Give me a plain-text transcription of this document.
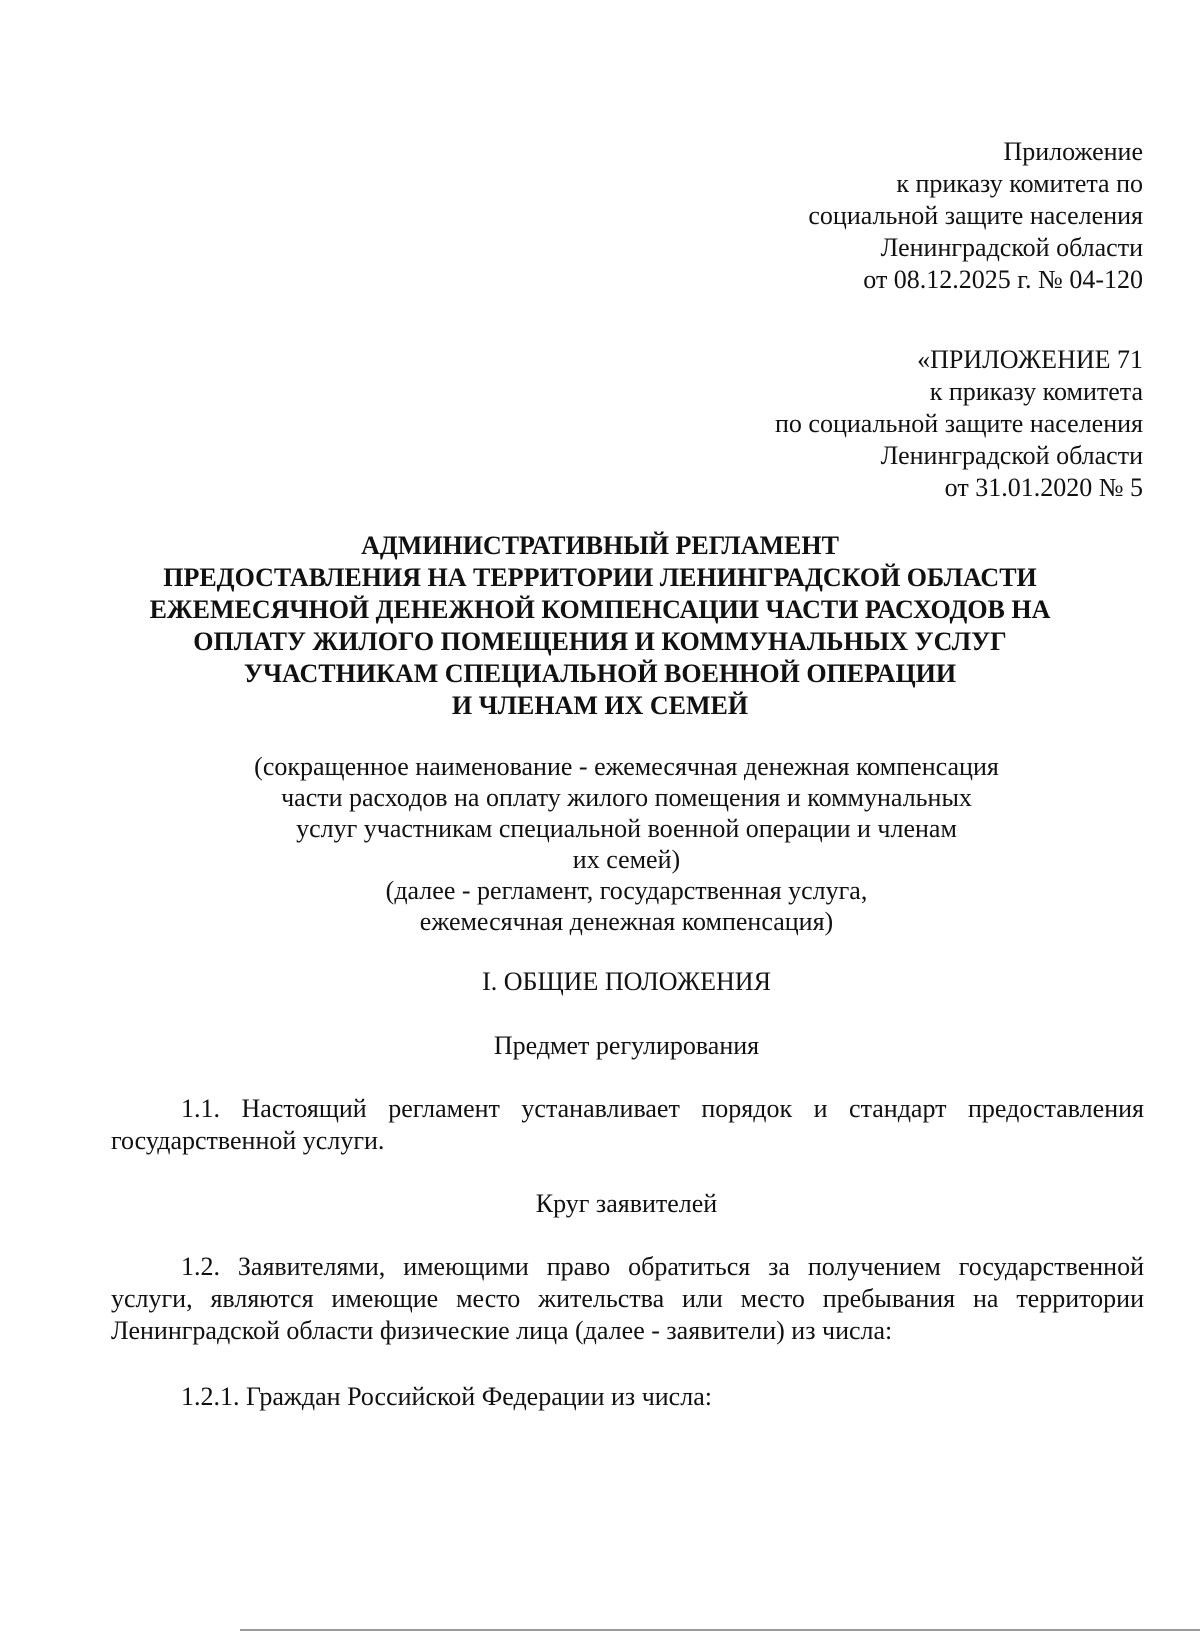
Приложение
к приказу комитета по
социальной защите населения
Ленинградской области
от 08.12.2025 г. № 04-120
«ПРИЛОЖЕНИЕ 71
к приказу комитета
по социальной защите населения
Ленинградской области
от 31.01.2020 № 5
АДМИНИСТРАТИВНЫЙ РЕГЛАМЕНТ
ПРЕДОСТАВЛЕНИЯ НА ТЕРРИТОРИИ ЛЕНИНГРАДСКОЙ ОБЛАСТИ
ЕЖЕМЕСЯЧНОЙ ДЕНЕЖНОЙ КОМПЕНСАЦИИ ЧАСТИ РАСХОДОВ НА
ОПЛАТУ ЖИЛОГО ПОМЕЩЕНИЯ И КОММУНАЛЬНЫХ УСЛУГ
УЧАСТНИКАМ СПЕЦИАЛЬНОЙ ВОЕННОЙ ОПЕРАЦИИ
И ЧЛЕНАМ ИХ СЕМЕЙ
(сокращенное наименование - ежемесячная денежная компенсация
части расходов на оплату жилого помещения и коммунальных
услуг участникам специальной военной операции и членам
их семей)
(далее - регламент, государственная услуга,
ежемесячная денежная компенсация)
I. ОБЩИЕ ПОЛОЖЕНИЯ
Предмет регулирования
1.1. Настоящий регламент устанавливает порядок и стандарт предоставления государственной услуги.
Круг заявителей
1.2. Заявителями, имеющими право обратиться за получением государственной услуги, являются имеющие место жительства или место пребывания на территории Ленинградской области физические лица (далее - заявители) из числа:
1.2.1. Граждан Российской Федерации из числа:
